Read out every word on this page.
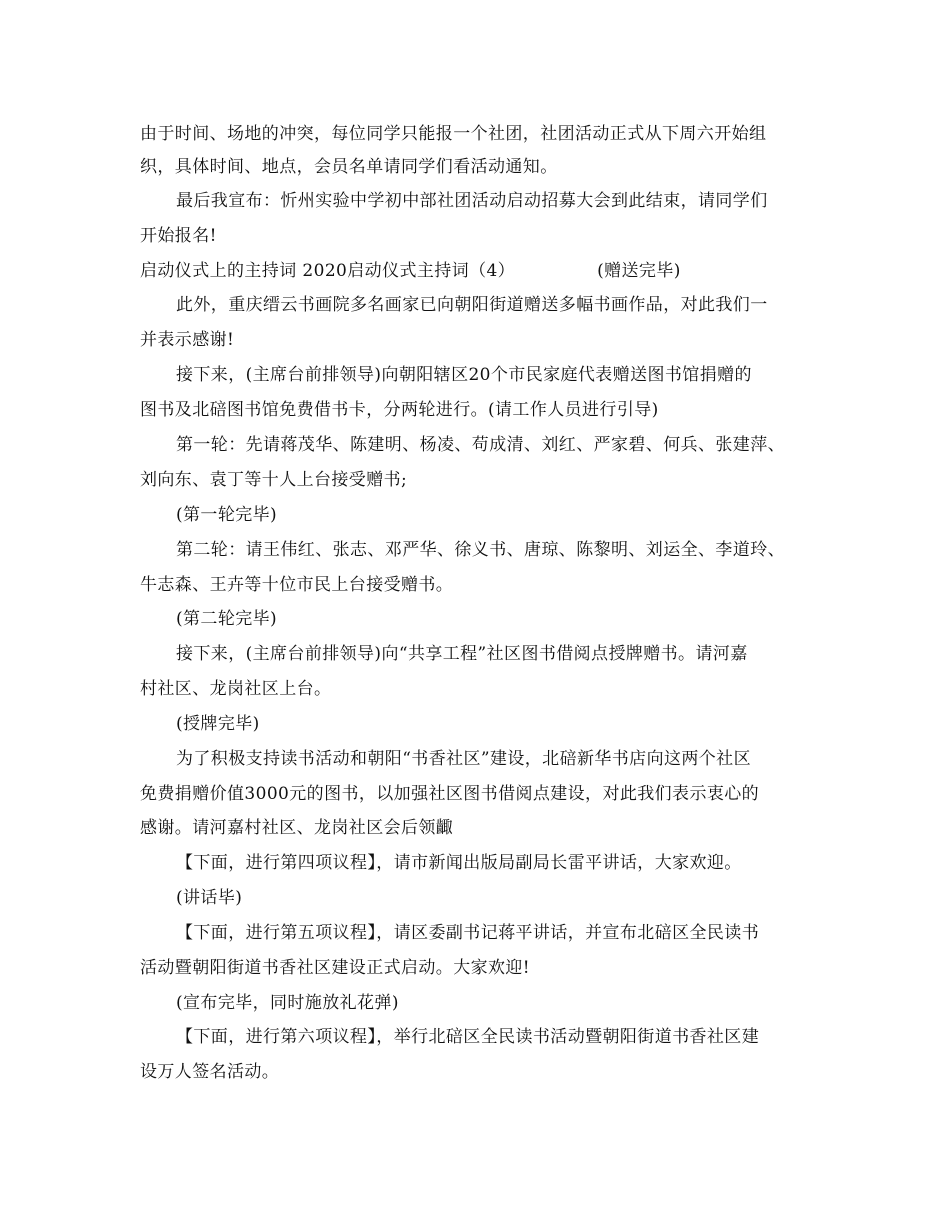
由于时间、场地的冲突，每位同学只能报一个社团，社团活动正式从下周六开始组
织，具体时间、地点，会员名单请同学们看活动通知。
最后我宣布：忻州实验中学初中部社团活动启动招募大会到此结束，请同学们
开始报名!
启动仪式上的主持词 2020启动仪式主持词（4）	(赠送完毕)
此外，重庆缙云书画院多名画家已向朝阳街道赠送多幅书画作品，对此我们一
并表示感谢!
接下来，(主席台前排领导)向朝阳辖区20个市民家庭代表赠送图书馆捐赠的
图书及北碚图书馆免费借书卡，分两轮进行。(请工作人员进行引导)
第一轮：先请蒋茂华、陈建明、杨凌、苟成清、刘红、严家碧、何兵、张建萍、
刘向东、袁丁等十人上台接受赠书;
(第一轮完毕)
第二轮：请王伟红、张志、邓严华、徐义书、唐琼、陈黎明、刘运全、李道玲、
牛志森、王卉等十位市民上台接受赠书。
(第二轮完毕)
接下来，(主席台前排领导)向“共享工程”社区图书借阅点授牌赠书。请河嘉
村社区、龙岗社区上台。
(授牌完毕)
为了积极支持读书活动和朝阳“书香社区”建设，北碚新华书店向这两个社区
免费捐赠价值3000元的图书，以加强社区图书借阅点建设，对此我们表示衷心的
感谢。请河嘉村社区、龙岗社区会后领齱
【下面，进行第四项议程】，请市新闻出版局副局长雷平讲话，大家欢迎。
(讲话毕)
【下面，进行第五项议程】，请区委副书记蒋平讲话，并宣布北碚区全民读书
活动暨朝阳街道书香社区建设正式启动。大家欢迎!
(宣布完毕，同时施放礼花弹)
【下面，进行第六项议程】，举行北碚区全民读书活动暨朝阳街道书香社区建
设万人签名活动。
